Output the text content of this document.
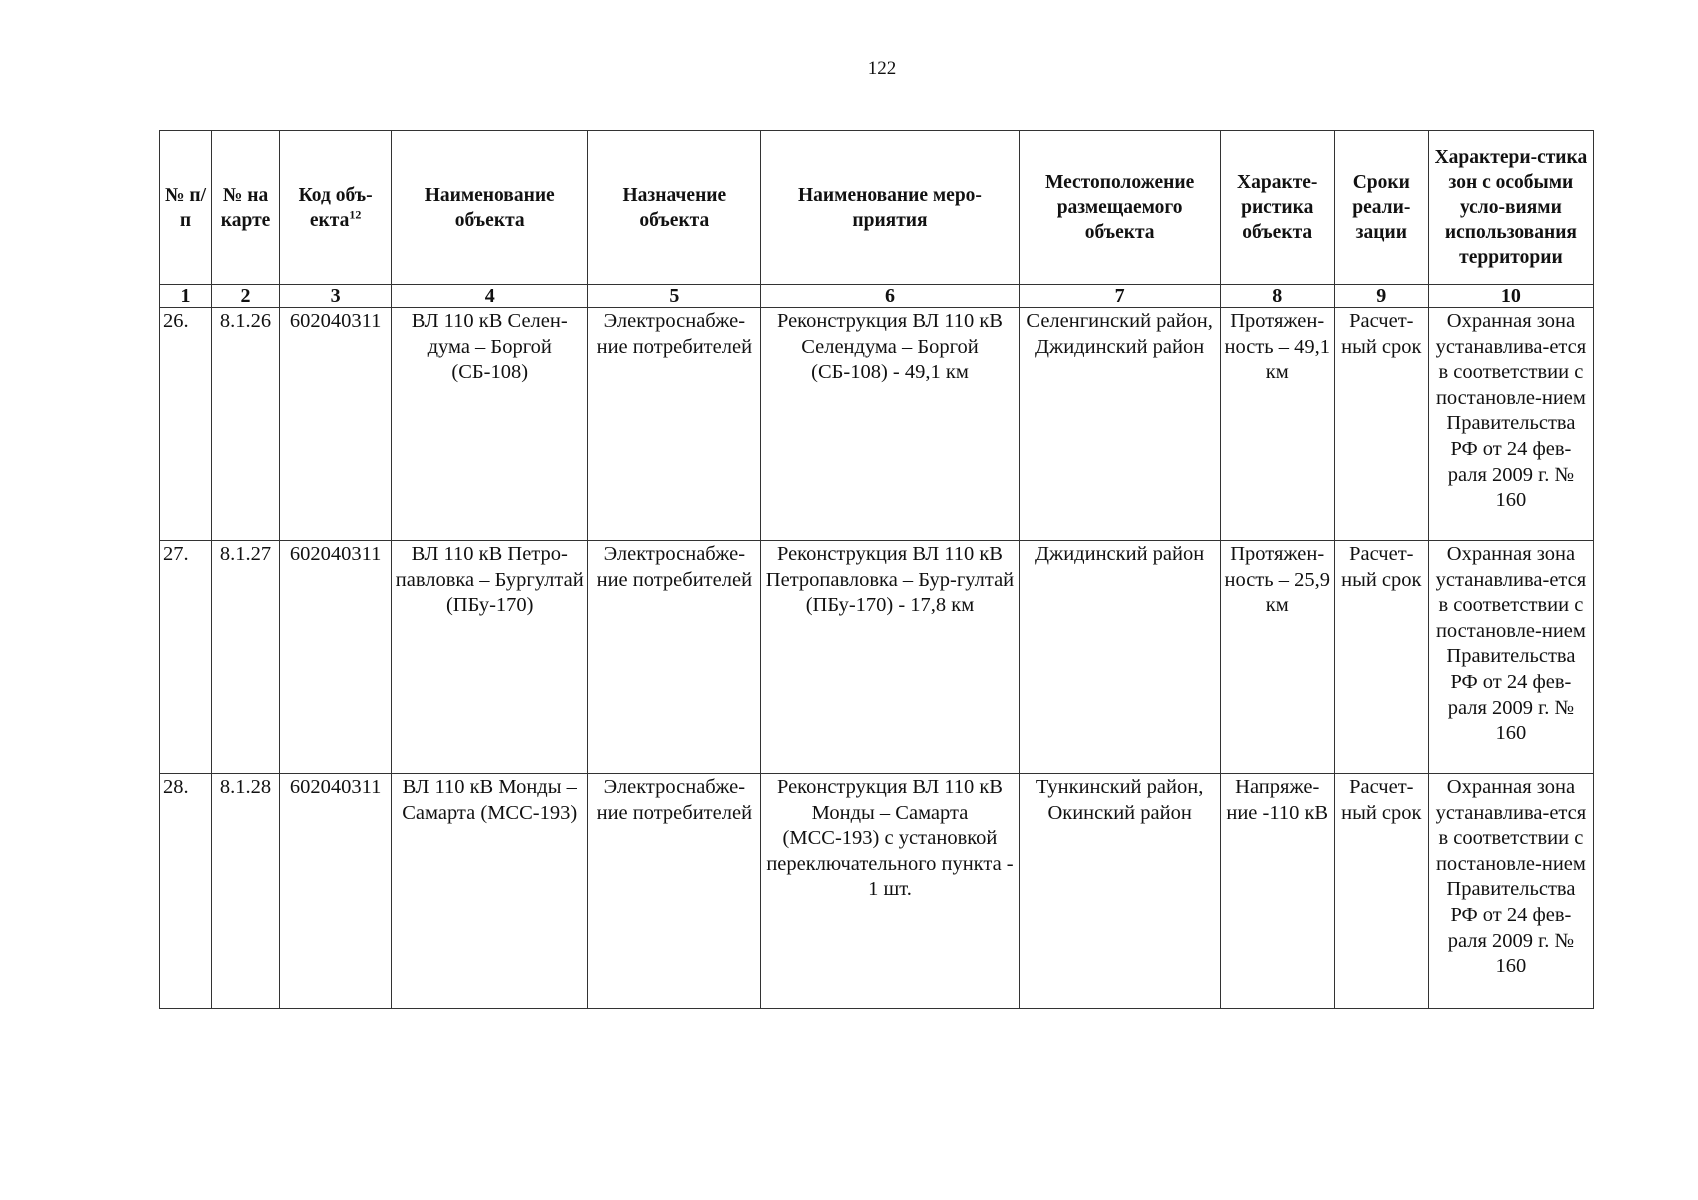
122
№ п/п	№ на карте	Код объ-екта$^{12}$	Наименование объекта	Назначение объекта	Наименование меро-приятия	Местоположение размещаемого объекта	Характе-ристика объекта	Сроки реали-зации	Характери-стика зон с особыми усло-виями использования территории
1	2	3	4	5	6	7	8	9	10
26.	8.1.26	602040311	ВЛ 110 кВ Селен-дума – Боргой (СБ-108)	Электроснабже-ние потребителей	Реконструкция ВЛ 110 кВ Селендума – Боргой (СБ-108) - 49,1 км	Селенгинский район, Джидинский район	Протяжен-ность – 49,1 км	Расчет-ный срок	Охранная зона устанавлива-ется в соответствии с постановле-нием Правительства РФ от 24 фев-раля 2009 г. № 160
27.	8.1.27	602040311	ВЛ 110 кВ Петро-павловка – Бургултай (ПБу-170)	Электроснабже-ние потребителей	Реконструкция ВЛ 110 кВ Петропавловка – Бур-гултай (ПБу-170) - 17,8 км	Джидинский район	Протяжен-ность – 25,9 км	Расчет-ный срок	Охранная зона устанавлива-ется в соответствии с постановле-нием Правительства РФ от 24 фев-раля 2009 г. № 160
28.	8.1.28	602040311	ВЛ 110 кВ Монды – Самарта (МСС-193)	Электроснабже-ние потребителей	Реконструкция ВЛ 110 кВ Монды – Самарта (МСС-193) с установкой переключательного пункта - 1 шт.	Тункинский район, Окинский район	Напряже-ние -110 кВ	Расчет-ный срок	Охранная зона устанавлива-ется в соответствии с постановле-нием Правительства РФ от 24 фев-раля 2009 г. № 160
